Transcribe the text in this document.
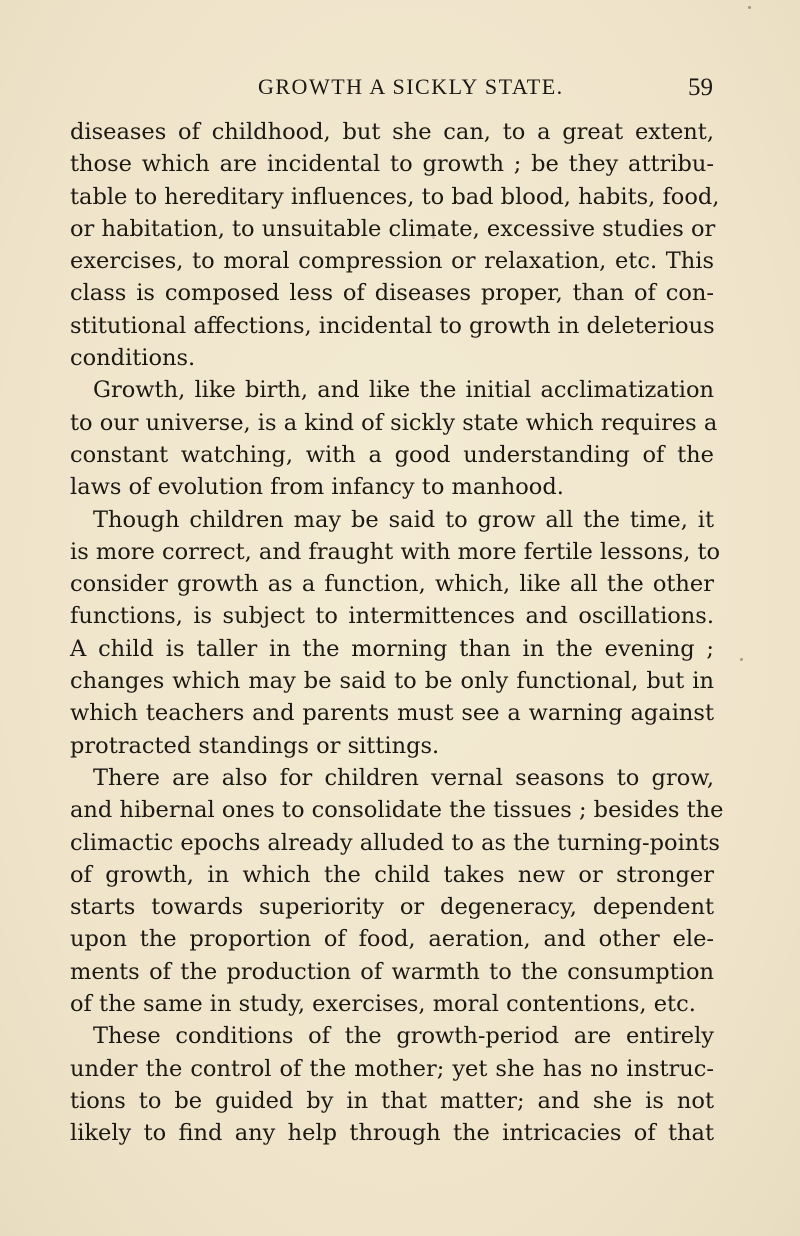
GROWTH A SICKLY STATE.	59
diseases of childhood, but she can, to a great extent,
those which are incidental to growth ; be they attribu-
table to hereditary influences, to bad blood, habits, food,
or habitation, to unsuitable climate, excessive studies or
exercises, to moral compression or relaxation, etc. This
class is composed less of diseases proper, than of con-
stitutional affections, incidental to growth in deleterious
conditions.
Growth, like birth, and like the initial acclimatization
to our universe, is a kind of sickly state which requires a
constant watching, with a good understanding of the
laws of evolution from infancy to manhood.
Though children may be said to grow all the time, it
is more correct, and fraught with more fertile lessons, to
consider growth as a function, which, like all the other
functions, is subject to intermittences and oscillations.
A child is taller in the morning than in the evening ;
changes which may be said to be only functional, but in
which teachers and parents must see a warning against
protracted standings or sittings.
There are also for children vernal seasons to grow,
and hibernal ones to consolidate the tissues ; besides the
climactic epochs already alluded to as the turning-points
of growth, in which the child takes new or stronger
starts towards superiority or degeneracy, dependent
upon the proportion of food, aeration, and other ele-
ments of the production of warmth to the consumption
of the same in study, exercises, moral contentions, etc.
These conditions of the growth-period are entirely
under the control of the mother; yet she has no instruc-
tions to be guided by in that matter; and she is not
likely to find any help through the intricacies of that
